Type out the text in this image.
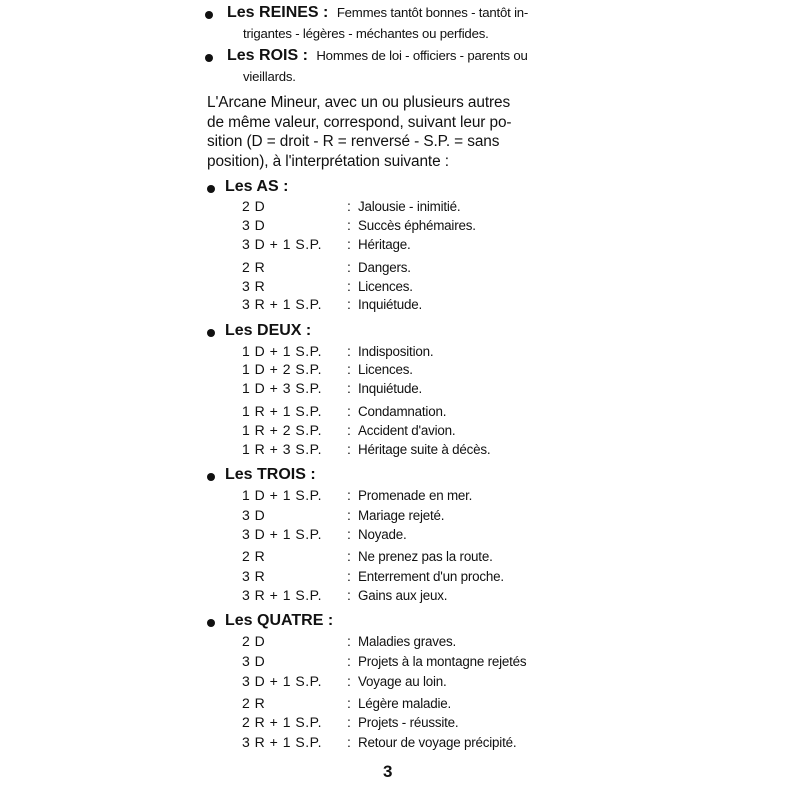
Les REINES : Femmes tantôt bonnes - tantôt in-
trigantes - légères - méchantes ou perfides.
Les ROIS : Hommes de loi - officiers - parents ou
vieillards.
L'Arcane Mineur, avec un ou plusieurs autres
de même valeur, correspond, suivant leur po-
sition (D = droit - R = renversé - S.P. = sans
position), à l'interprétation suivante :
Les AS :
2 D	: Jalousie - inimitié.
3 D	: Succès éphémaires.
3 D + 1 S.P. : Héritage.
2 R	: Dangers.
3 R	: Licences.
3 R + 1 S.P. : Inquiétude.
Les DEUX :
1 D + 1 S.P. : Indisposition.
1 D + 2 S.P. : Licences.
1 D + 3 S.P. : Inquiétude.
1 R + 1 S.P. : Condamnation.
1 R + 2 S.P. : Accident d'avion.
1 R + 3 S.P. : Héritage suite à décès.
Les TROIS :
1 D + 1 S.P. : Promenade en mer.
3 D	: Mariage rejeté.
3 D + 1 S.P. : Noyade.
2 R	: Ne prenez pas la route.
3 R	: Enterrement d'un proche.
3 R + 1 S.P. : Gains aux jeux.
Les QUATRE :
2 D	: Maladies graves.
3 D	: Projets à la montagne rejetés
3 D + 1 S.P. : Voyage au loin.
2 R	: Légère maladie.
2 R + 1 S.P. : Projets - réussite.
3 R + 1 S.P. : Retour de voyage précipité.
3
